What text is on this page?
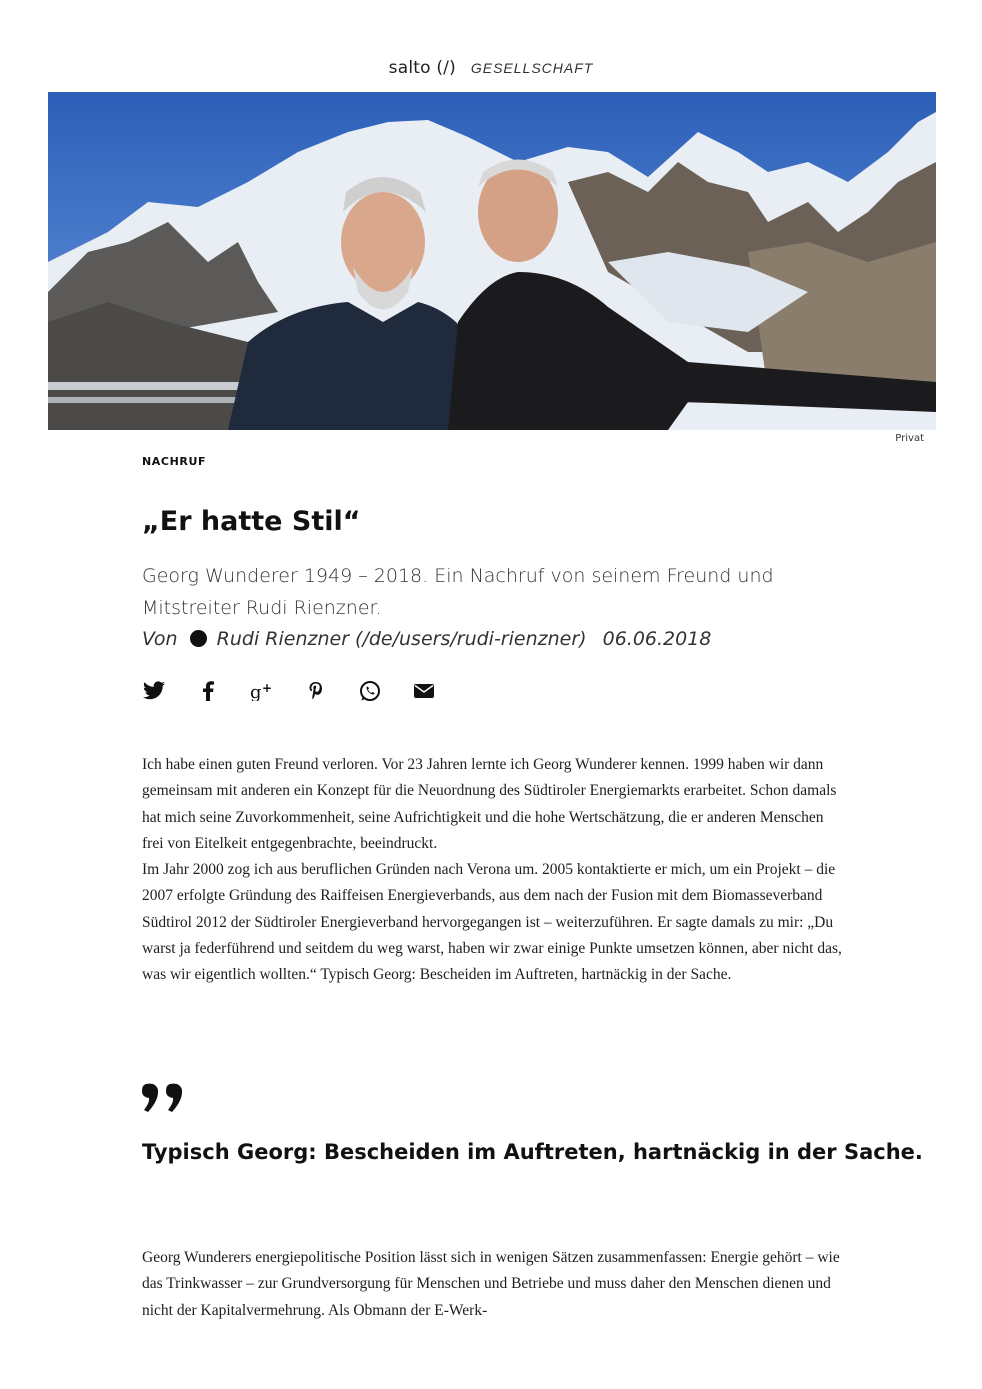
salto (/) GESELLSCHAFT
Privat
NACHRUF
„Er hatte Stil“

Georg Wunderer 1949 – 2018. Ein Nachruf von seinem Freund und Mitstreiter Rudi Rienzner.

Von Rudi Rienzner (/de/users/rudi-rienzner) 06.06.2018
g +

Ich habe einen guten Freund verloren. Vor 23 Jahren lernte ich Georg Wunderer kennen. 1999 haben wir dann gemeinsam mit anderen ein Konzept für die Neuordnung des Südtiroler Energiemarkts erarbeitet. Schon damals hat mich seine Zuvorkommenheit, seine Aufrichtigkeit und die hohe Wertschätzung, die er anderen Menschen frei von Eitelkeit entgegenbrachte, beeindruckt.

Im Jahr 2000 zog ich aus beruflichen Gründen nach Verona um. 2005 kontaktierte er mich, um ein Projekt – die 2007 erfolgte Gründung des Raiffeisen Energieverbands, aus dem nach der Fusion mit dem Biomasseverband Südtirol 2012 der Südtiroler Energieverband hervorgegangen ist – weiterzuführen. Er sagte damals zu mir: „Du warst ja federführend und seitdem du weg warst, haben wir zwar einige Punkte umsetzen können, aber nicht das, was wir eigentlich wollten.“ Typisch Georg: Bescheiden im Auftreten, hartnäckig in der Sache.

Typisch Georg: Bescheiden im Auftreten, hartnäckig in der Sache.

Georg Wunderers energiepolitische Position lässt sich in wenigen Sätzen zusammenfassen: Energie gehört – wie das Trinkwasser – zur Grundversorgung für Menschen und Betriebe und muss daher den Menschen dienen und nicht der Kapitalvermehrung. Als Obmann der E-Werk-
